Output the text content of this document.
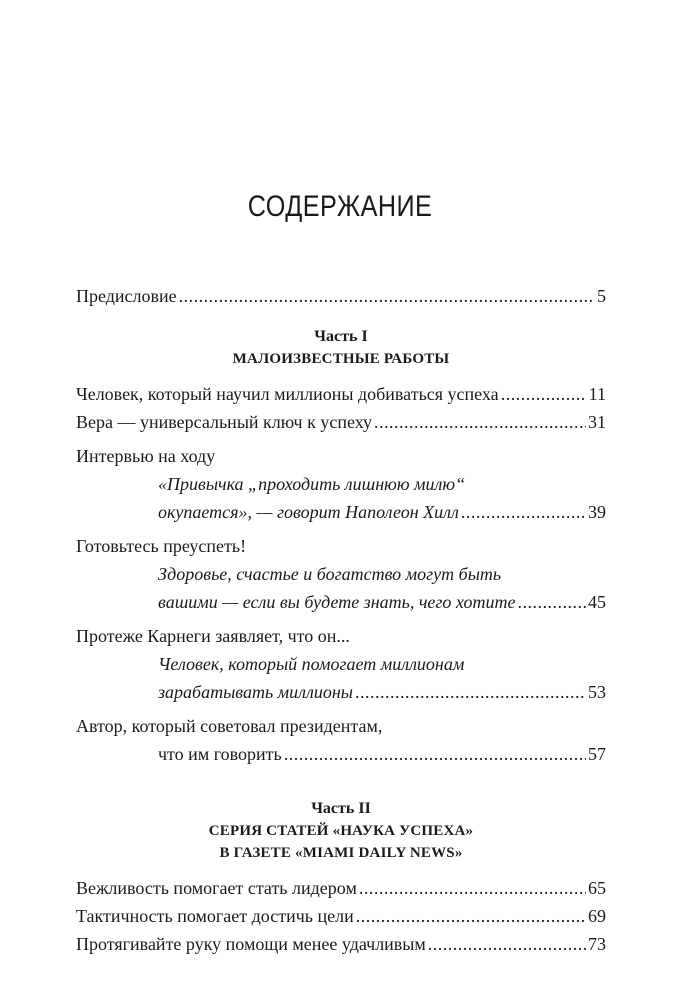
СОДЕРЖАНИЕ
Предисловие .....	5
Часть I
МАЛОИЗВЕСТНЫЕ РАБОТЫ
Человек, который научил миллионы добиваться успеха .....	11
Вера — универсальный ключ к успеху .....	31
Интервью на ходу
«Привычка „проходить лишнюю милю“
окупается», — говорит Наполеон Хилл .....	39
Готовьтесь преуспеть!
Здоровье, счастье и богатство могут быть
вашими — если вы будете знать, чего хотите .....	45
Протеже Карнеги заявляет, что он...
Человек, который помогает миллионам
зарабатывать миллионы .....	53
Автор, который советовал президентам,
что им говорить .....	57
Часть II
СЕРИЯ СТАТЕЙ «НАУКА УСПЕХА»
В ГАЗЕТЕ «MIAMI DAILY NEWS»
Вежливость помогает стать лидером .....	65
Тактичность помогает достичь цели .....	69
Протягивайте руку помощи менее удачливым .....	73
